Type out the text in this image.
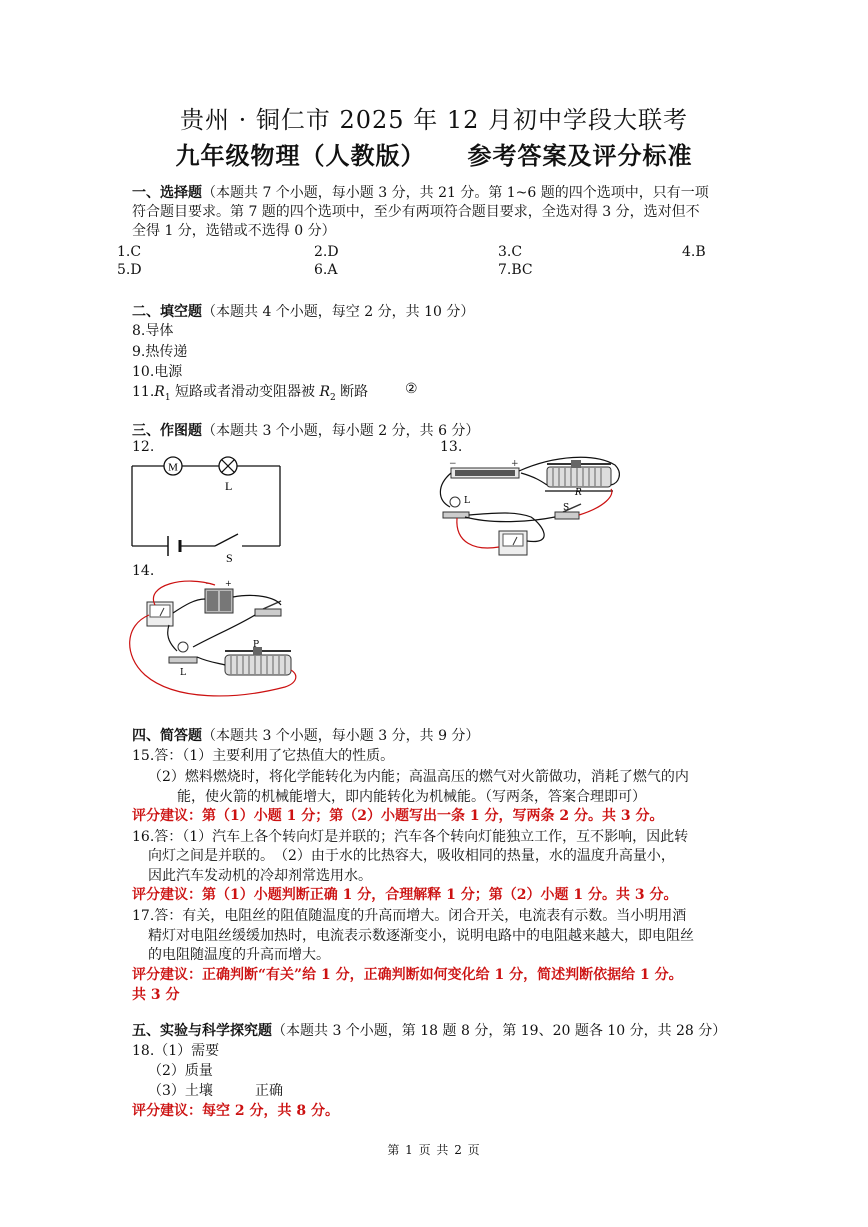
贵州 · 铜仁市 2025 年 12 月初中学段大联考
九年级物理（人教版） 参考答案及评分标准
一、选择题（本题共 7 个小题，每小题 3 分，共 21 分。第 1~6 题的四个选项中，只有一项
符合题目要求。第 7 题的四个选项中，至少有两项符合题目要求，全选对得 3 分，选对但不
全得 1 分，选错或不选得 0 分）
1.C	2.D	3.C	4.B
5.D	6.A	7.BC
二、填空题（本题共 4 个小题，每空 2 分，共 10 分）
8.导体
9.热传递
10.电源
$11.R_1$ 短路或者滑动变阻器被 $R_2$ 断路	②
三、作图题（本题共 3 个小题，每小题 2 分，共 6 分）
12.	13.
14.
M
L
S
−	+
R
L
S
− +
P
L
四、简答题（本题共 3 个小题，每小题 3 分，共 9 分）
15.答：（1）主要利用了它热值大的性质。
（2）燃料燃烧时，将化学能转化为内能；高温高压的燃气对火箭做功，消耗了燃气的内
能，使火箭的机械能增大，即内能转化为机械能。（写两条，答案合理即可）
评分建议：第（1）小题 1 分；第（2）小题写出一条 1 分，写两条 2 分。共 3 分。
16.答：（1）汽车上各个转向灯是并联的；汽车各个转向灯能独立工作，互不影响，因此转
向灯之间是并联的。　（2）由于水的比热容大，吸收相同的热量，水的温度升高量小，
因此汽车发动机的冷却剂常选用水。
评分建议：第（1）小题判断正确 1 分，合理解释 1 分；第（2）小题 1 分。共 3 分。
17.答：有关，电阻丝的阻值随温度的升高而增大。闭合开关，电流表有示数。当小明用酒
精灯对电阻丝缓缓加热时，电流表示数逐渐变小，说明电路中的电阻越来越大，即电阻丝
的电阻随温度的升高而增大。
评分建议：正确判断“有关”给 1 分，正确判断如何变化给 1 分，简述判断依据给 1 分。
共 3 分
五、实验与科学探究题（本题共 3 个小题，第 18 题 8 分，第 19、20 题各 10 分，共 28 分）
18.（1）需要
（2）质量
（3）土壤	正确
评分建议：每空 2 分，共 8 分。
第 1 页 共 2 页
